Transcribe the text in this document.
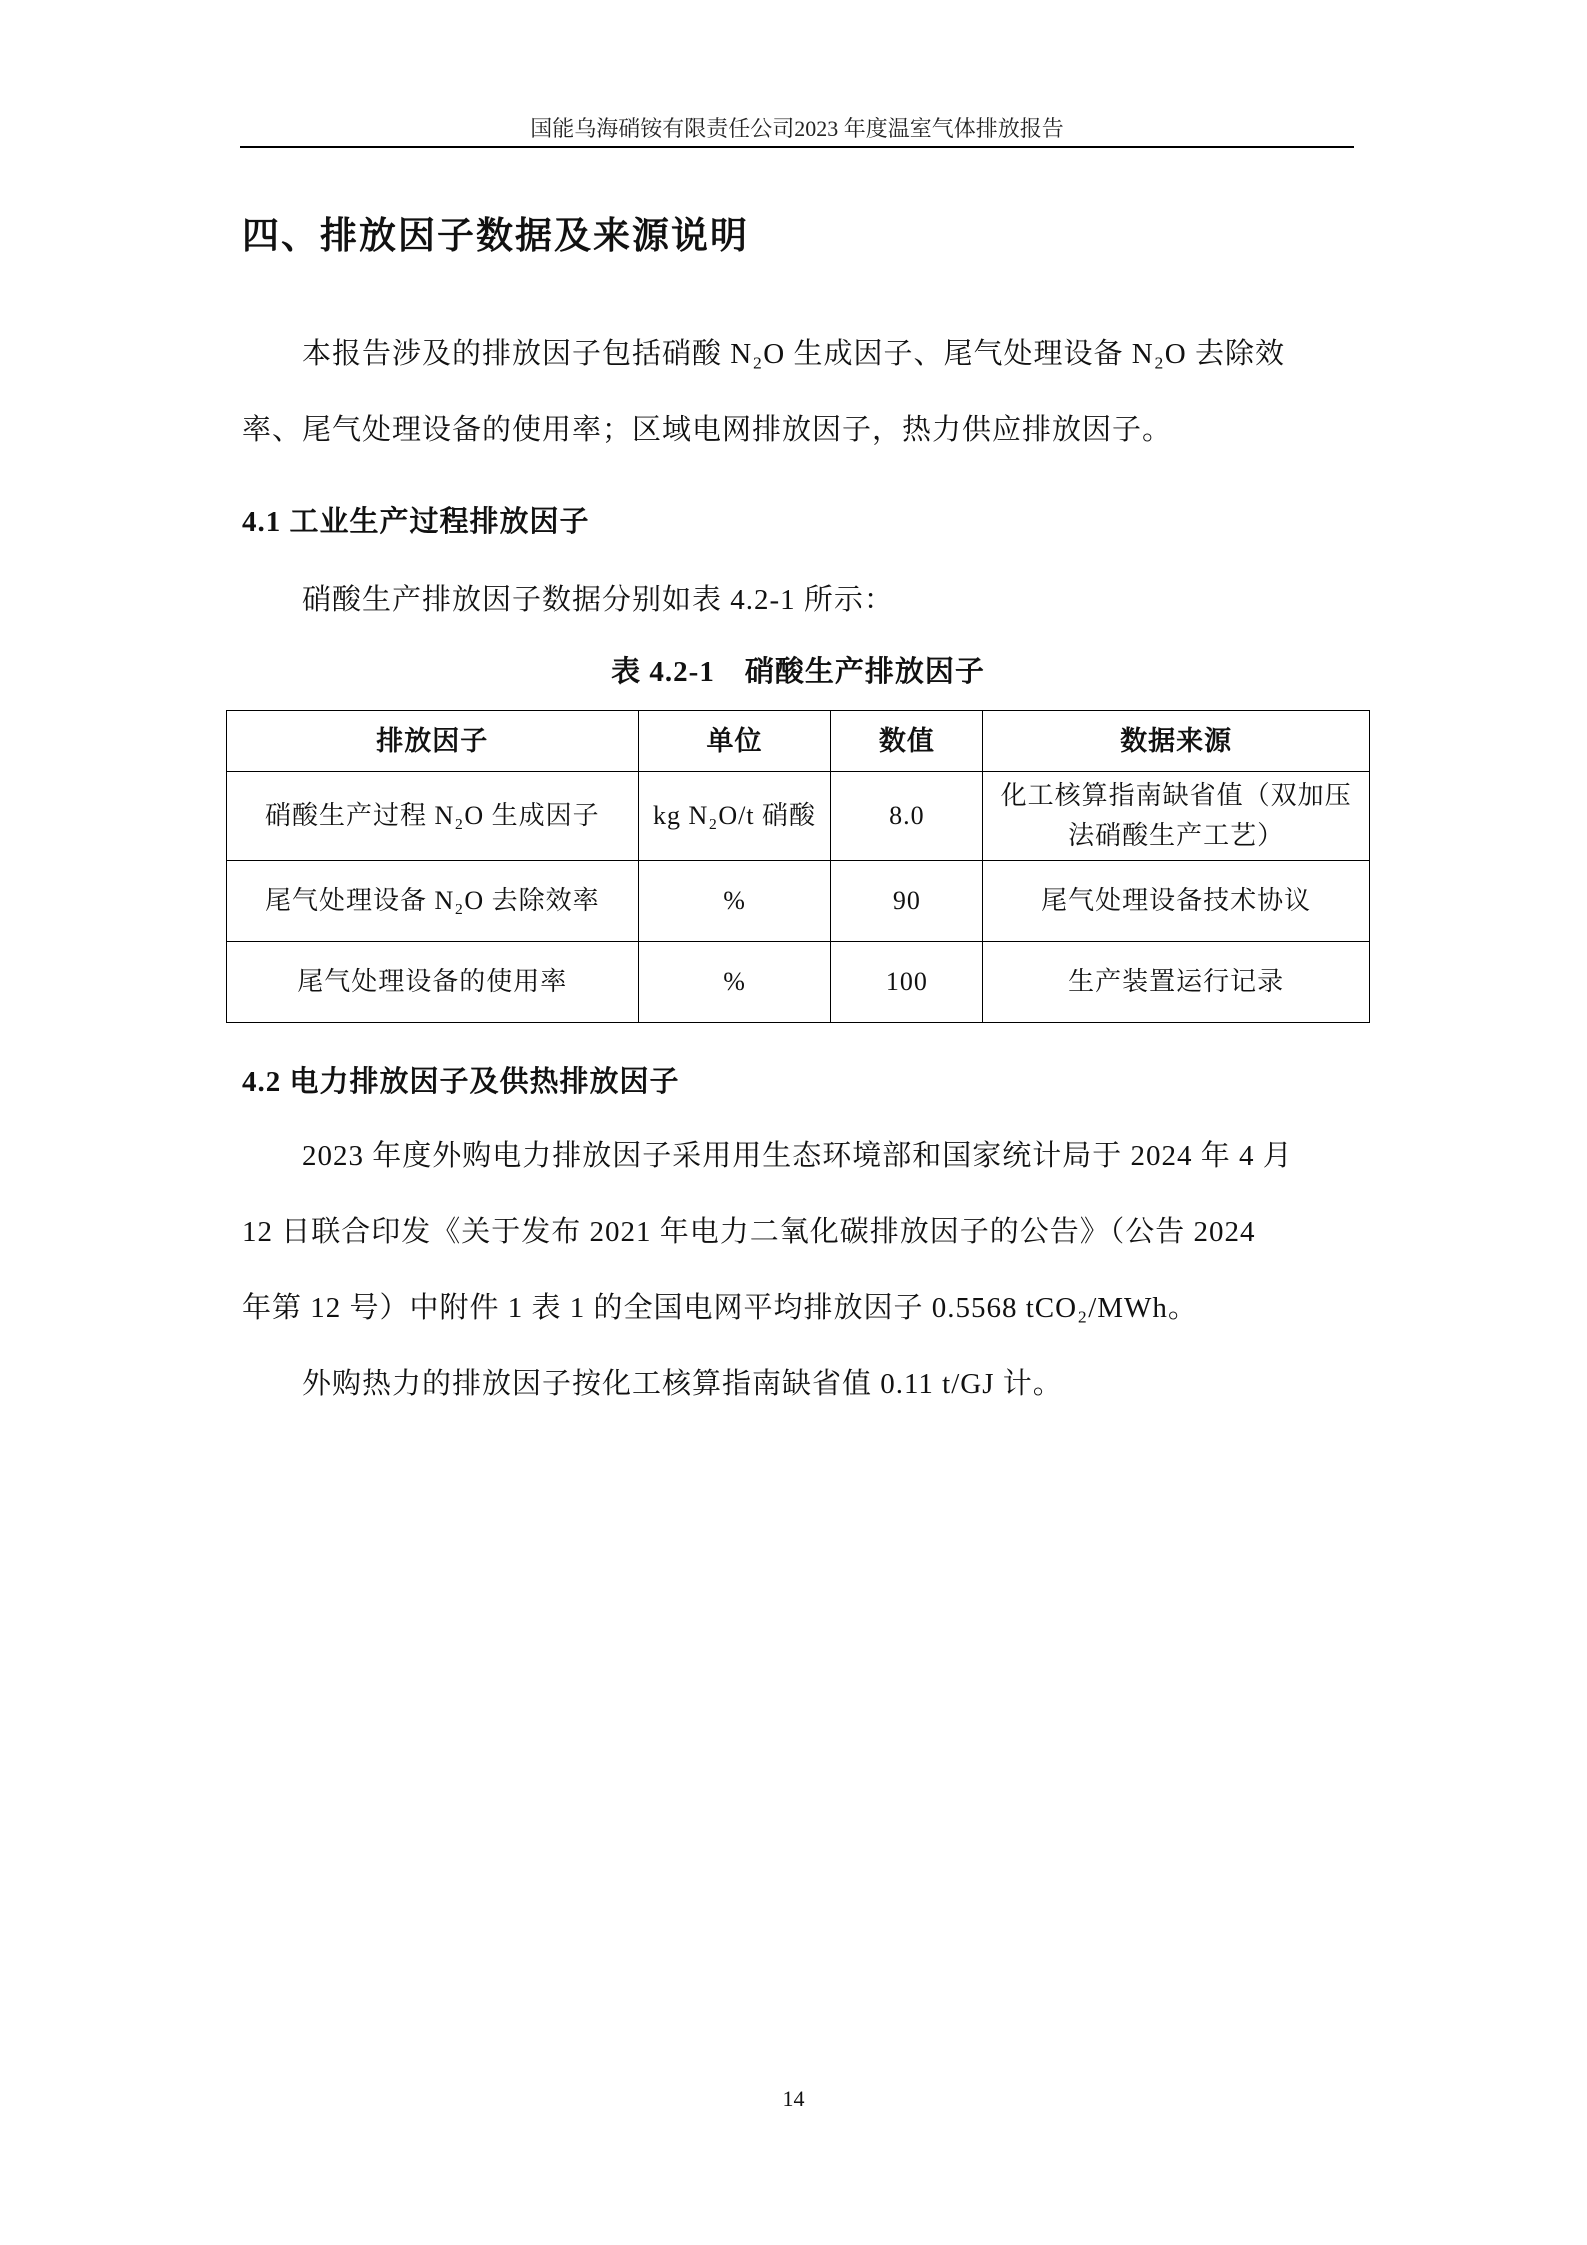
国能乌海硝铵有限责任公司2023 年度温室气体排放报告
四、排放因子数据及来源说明
本报告涉及的排放因子包括硝酸 N₂O 生成因子、尾气处理设备 N₂O 去除效
率、尾气处理设备的使用率；区域电网排放因子，热力供应排放因子。
4.1 工业生产过程排放因子
硝酸生产排放因子数据分别如表 4.2-1 所示：
表 4.2-1　硝酸生产排放因子
排放因子	单位	数值	数据来源
硝酸生产过程 N₂O 生成因子	kg N₂O/t 硝酸	8.0	化工核算指南缺省值（双加压
法硝酸生产工艺）

尾气处理设备 N₂O 去除效率	%	90	尾气处理设备技术协议
尾气处理设备的使用率	%	100	生产装置运行记录
4.2 电力排放因子及供热排放因子
2023 年度外购电力排放因子采用用生态环境部和国家统计局于 2024 年 4 月
12 日联合印发《关于发布 2021 年电力二氧化碳排放因子的公告》（公告 2024
年第 12 号）中附件 1 表 1 的全国电网平均排放因子 0.5568 tCO₂/MWh。
外购热力的排放因子按化工核算指南缺省值 0.11 t/GJ 计。
14
